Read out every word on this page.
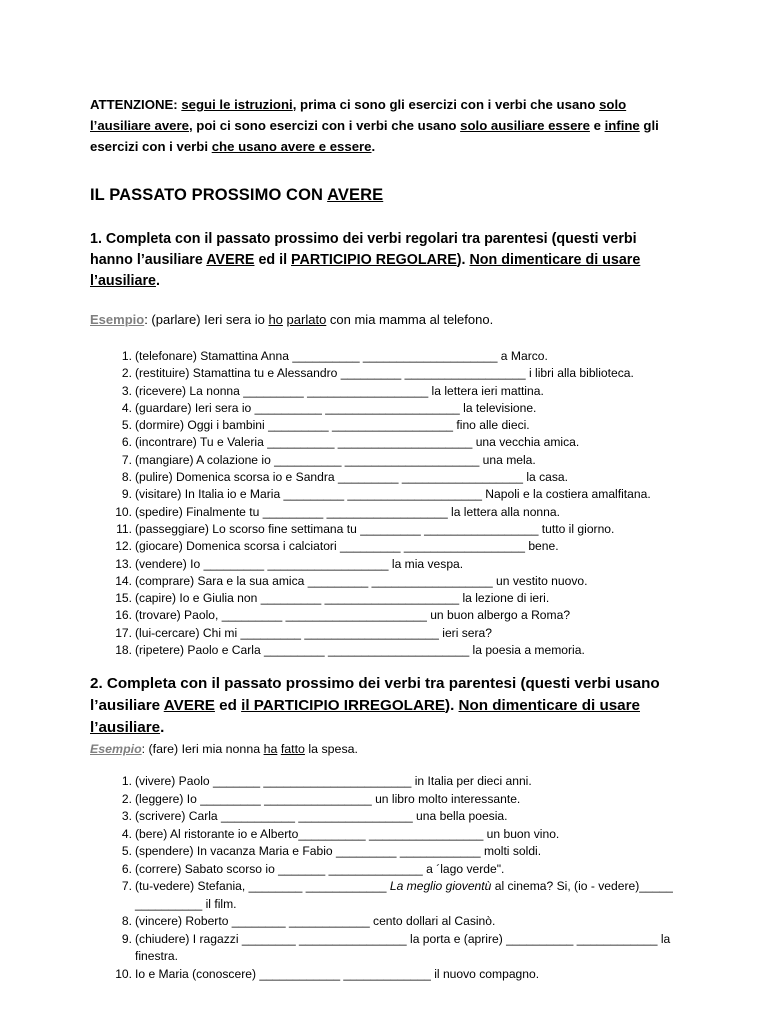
ATTENZIONE: segui le istruzioni, prima ci sono gli esercizi con i verbi che usano solo l’ausiliare avere, poi ci sono esercizi con i verbi che usano solo ausiliare essere e infine gli esercizi con i verbi che usano avere e essere.

IL PASSATO PROSSIMO CON AVERE

1. Completa con il passato prossimo dei verbi regolari tra parentesi (questi verbi hanno l’ausiliare AVERE ed il PARTICIPIO REGOLARE). Non dimenticare di usare l’ausiliare.

Esempio: (parlare) Ieri sera io ho parlato con mia mamma al telefono.

1. (telefonare) Stamattina Anna __________ ____________________ a Marco.
2. (restituire) Stamattina tu e Alessandro _________ __________________ i libri alla biblioteca.
3. (ricevere) La nonna _________ __________________ la lettera ieri mattina.
4. (guardare) Ieri sera io __________ ____________________ la televisione.
5. (dormire) Oggi i bambini _________ __________________ fino alle dieci.
6. (incontrare) Tu e Valeria __________ ____________________ una vecchia amica.
7. (mangiare) A colazione io __________ ____________________ una mela.
8. (pulire) Domenica scorsa io e Sandra _________ __________________ la casa.
9. (visitare) In Italia io e Maria _________ ____________________ Napoli e la costiera amalfitana.
10. (spedire) Finalmente tu _________ __________________ la lettera alla nonna.
11. (passeggiare) Lo scorso fine settimana tu _________ _________________ tutto il giorno.
12. (giocare) Domenica scorsa i calciatori _________ __________________ bene.
13. (vendere) Io _________ __________________ la mia vespa.
14. (comprare) Sara e la sua amica _________ __________________ un vestito nuovo.
15. (capire) Io e Giulia non _________ ____________________ la lezione di ieri.
16. (trovare) Paolo, _________ _____________________ un buon albergo a Roma?
17. (lui-cercare) Chi mi _________ ____________________ ieri sera?
18. (ripetere) Paolo e Carla _________ _____________________ la poesia a memoria.

2. Completa con il passato prossimo dei verbi tra parentesi (questi verbi usano l’ausiliare AVERE ed il PARTICIPIO IRREGOLARE). Non dimenticare di usare l’ausiliare.

Esempio: (fare) Ieri mia nonna ha fatto la spesa.

1. (vivere) Paolo _______ ______________________ in Italia per dieci anni.
2. (leggere) Io _________ ________________ un libro molto interessante.
3. (scrivere) Carla ___________ _________________ una bella poesia.
4. (bere) Al ristorante io e Alberto__________ _________________ un buon vino.
5. (spendere) In vacanza Maria e Fabio _________ ____________ molti soldi.
6. (correre) Sabato scorso io _______ ______________ a ´lago verde".
7. (tu-vedere) Stefania, ________ ____________ La meglio gioventù al cinema? Si, (io - vedere)_____ __________ il film.
8. (vincere) Roberto ________ ____________ cento dollari al Casinò.
9. (chiudere) I ragazzi ________ ________________ la porta e (aprire) __________ ____________ la finestra.
10. Io e Maria (conoscere) ____________ _____________ il nuovo compagno.
